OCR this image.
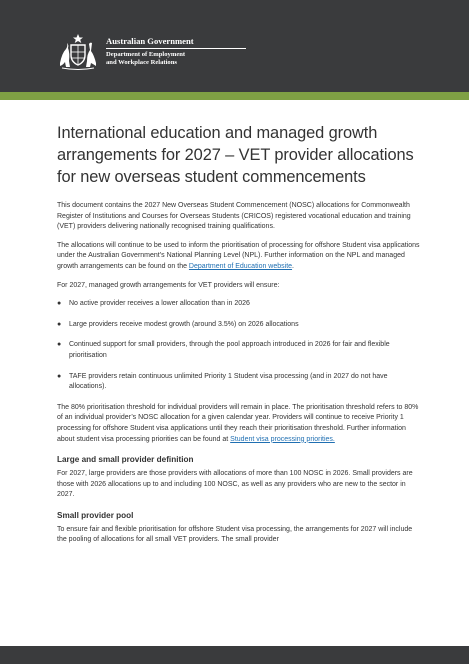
Australian Government
Department of Employment
and Workplace Relations
International education and managed growth arrangements for 2027 – VET provider allocations for new overseas student commencements

This document contains the 2027 New Overseas Student Commencement (NOSC) allocations for Commonwealth Register of Institutions and Courses for Overseas Students (CRICOS) registered vocational education and training (VET) providers delivering nationally recognised training qualifications.

The allocations will continue to be used to inform the prioritisation of processing for offshore Student visa applications under the Australian Government’s National Planning Level (NPL). Further information on the NPL and managed growth arrangements can be found on the Department of Education website.

For 2027, managed growth arrangements for VET providers will ensure:

● No active provider receives a lower allocation than in 2026
● Large providers receive modest growth (around 3.5%) on 2026 allocations
● Continued support for small providers, through the pool approach introduced in 2026 for fair and flexible prioritisation
● TAFE providers retain continuous unlimited Priority 1 Student visa processing (and in 2027 do not have allocations).

The 80% prioritisation threshold for individual providers will remain in place. The prioritisation threshold refers to 80% of an individual provider’s NOSC allocation for a given calendar year. Providers will continue to receive Priority 1 processing for offshore Student visa applications until they reach their prioritisation threshold. Further information about student visa processing priorities can be found at Student visa processing priorities.

Large and small provider definition

For 2027, large providers are those providers with allocations of more than 100 NOSC in 2026. Small providers are those with 2026 allocations up to and including 100 NOSC, as well as any providers who are new to the sector in 2027.

Small provider pool

To ensure fair and flexible prioritisation for offshore Student visa processing, the arrangements for 2027 will include the pooling of allocations for all small VET providers. The small provider
